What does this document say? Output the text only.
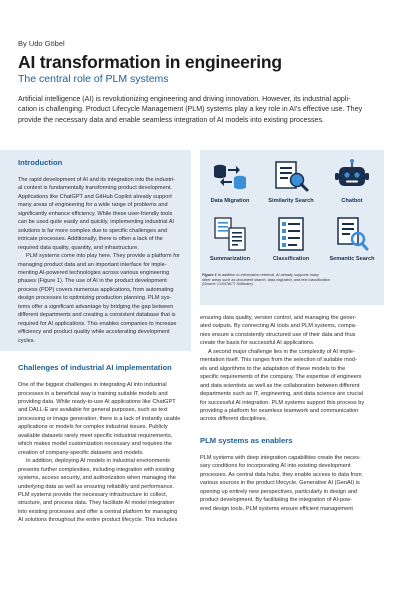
By Udo Göbel
AI transformation in engineering
The central role of PLM systems

Artificial intelligence (AI) is revolutionizing engineering and driving innovation. However, its industrial appli-

cation is challenging. Product Lifecycle Management (PLM) systems play a key role in AI's effective use. They

provide the necessary data and enable seamless integration of AI models into existing processes.

Introduction

The rapid development of AI and its integration into the industri-

al context is fundamentally transforming product development.

Applications like ChatGPT and GitHub Copilot already support

many areas of engineering for a wide range of problems and

significantly enhance efficiency. While these user-friendly tools

can be used quite easily and quickly, implementing industrial AI

solutions is far more complex due to specific challenges and

intricate processes. Additionally, there is often a lack of the

required data quality, quantity, and infrastructure.

PLM systems come into play here. They provide a platform for

managing product data and an important interface for imple-

menting AI-powered technologies across various engineering

phases (Figure 1). The use of AI in the product development

process (PDP) covers numerous applications, from automating

design processes to optimizing production planning. PLM sys-

tems offer a significant advantage by bridging the gap between

different departments and creating a consistent database that is

required for AI applications. This enables companies to increase

efficiency and product quality while accelerating development

cycles.

Challenges of industrial AI implementation

One of the biggest challenges in integrating AI into industrial

processes in a beneficial way is training suitable models and

providing data. While ready-to-use AI applications like ChatGPT

and DALL-E are available for general purposes, such as text

processing or image generation, there is a lack of instantly usable

applications or models for complex industrial issues. Publicly

available datasets rarely meet specific industrial requirements,

which makes model customization necessary and requires the

creation of company-specific datasets and models.

In addition, deploying AI models in industrial environments

presents further complexities, including integration with existing

systems, access security, and authorization when managing the

underlying data as well as ensuring reliability and performance.

PLM systems provide the necessary infrastructure to collect,

structure, and process data. They facilitate AI model integration

into existing processes and offer a central platform for managing

AI solutions throughout the entire product lifecycle. This includes

Data Migration	Similarity Search	Chatbot
Summarization	Classification	Semantic Search

Figure 1 In addition to information retrieval, AI already supports many

other areas such as document search, data migration, and text classification

(Source: CONTACT Software)

ensuring data quality, version control, and managing the gener-

ated outputs. By connecting AI tools and PLM systems, compa-

nies ensure a consistently structured use of their data and thus

create the basis for successful AI applications.

A second major challenge lies in the complexity of AI imple-

mentation itself. This ranges from the selection of suitable mod-

els and algorithms to the adaptation of these models to the

specific requirements of the company. The expertise of engineers

and data scientists as well as the collaboration between different

departments such as IT, engineering, and data science are crucial

for successful AI integration. PLM systems support this process by

providing a platform for seamless teamwork and communication

across different disciplines.

PLM systems as enablers

PLM systems with deep integration capabilities create the neces-

sary conditions for incorporating AI into existing development

processes. As central data hubs, they enable access to data from

various sources in the product lifecycle. Generative AI (GenAI) is

opening up entirely new perspectives, particularly in design and

product development. By facilitating the integration of AI-pow-

ered design tools, PLM systems ensure efficient management
